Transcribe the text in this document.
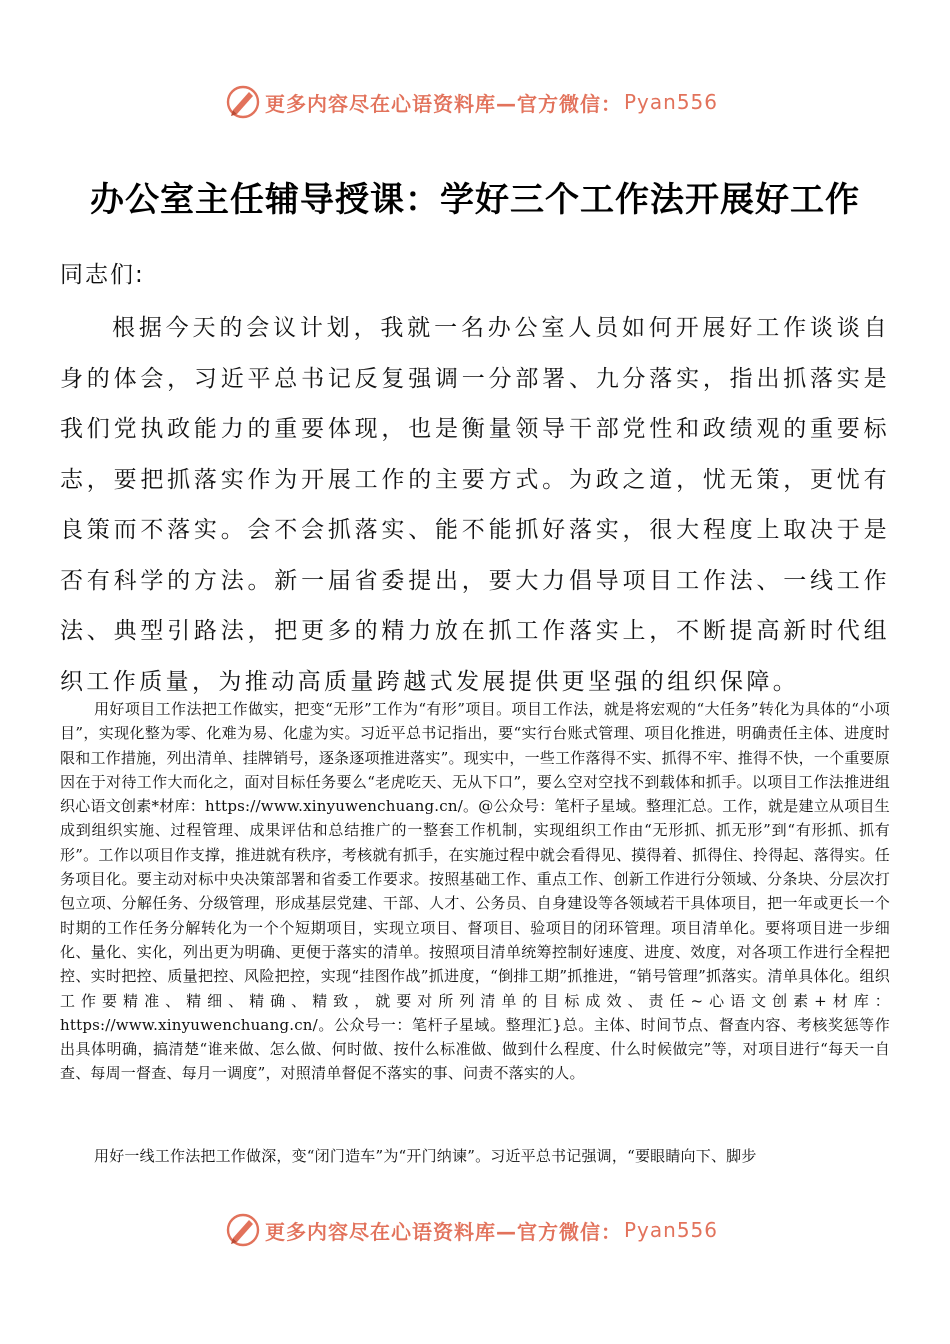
更多内容尽在心语资料库—官方微信： Pyan556
办公室主任辅导授课：学好三个工作法开展好工作
同志们:

根据今天的会议计划，我就一名办公室人员如何开展好工作谈谈自身的体会，习近平总书记反复强调一分部署、九分落实，指出抓落实是我们党执政能力的重要体现，也是衡量领导干部党性和政绩观的重要标志，要把抓落实作为开展工作的主要方式。为政之道，忧无策，更忧有良策而不落实。会不会抓落实、能不能抓好落实，很大程度上取决于是否有科学的方法。新一届省委提出，要大力倡导项目工作法、一线工作法、典型引路法，把更多的精力放在抓工作落实上，不断提高新时代组织工作质量，为推动高质量跨越式发展提供更坚强的组织保障。

用好项目工作法把工作做实，把变“无形”工作为“有形”项目。项目工作法，就是将宏观的“大任务”转化为具体的“小项目”，实现化整为零、化难为易、化虚为实。习近平总书记指出，要“实行台账式管理、项目化推进，明确责任主体、进度时限和工作措施，列出清单、挂牌销号，逐条逐项推进落实”。现实中，一些工作落得不实、抓得不牢、推得不快，一个重要原因在于对待工作大而化之，面对目标任务要么“老虎吃天、无从下口”，要么空对空找不到载体和抓手。以项目工作法推进组织心语文创素*材库：https://www.xinyuwenchuang.cn/。@公众号：笔杆子星域。整理汇总。工作，就是建立从项目生成到组织实施、过程管理、成果评估和总结推广的一整套工作机制，实现组织工作由“无形抓、抓无形”到“有形抓、抓有形”。工作以项目作支撑，推进就有秩序，考核就有抓手，在实施过程中就会看得见、摸得着、抓得住、拎得起、落得实。任务项目化。要主动对标中央决策部署和省委工作要求。按照基础工作、重点工作、创新工作进行分领域、分条块、分层次打包立项、分解任务、分级管理，形成基层党建、干部、人才、公务员、自身建设等各领域若干具体项目，把一年或更长一个时期的工作任务分解转化为一个个短期项目，实现立项目、督项目、验项目的闭环管理。项目清单化。要将项目进一步细化、量化、实化，列出更为明确、更便于落实的清单。按照项目清单统筹控制好速度、进度、效度，对各项工作进行全程把控、实时把控、质量把控、风险把控，实现“挂图作战”抓进度，“倒排工期”抓推进，“销号管理”抓落实。清单具体化。组织工作要精准、精细、精确、精致，就要对所列清单的目标成效、责任~心语文创素+材库：https://www.xinyuwenchuang.cn/。公众号一：笔杆子星域。整理汇}总。主体、时间节点、督查内容、考核奖惩等作出具体明确，搞清楚“谁来做、怎么做、何时做、按什么标准做、做到什么程度、什么时候做完”等，对项目进行“每天一自查、每周一督查、每月一调度”，对照清单督促不落实的事、问责不落实的人。

用好一线工作法把工作做深，变“闭门造车”为“开门纳谏”。习近平总书记强调，“要眼睛向下、脚步

更多内容尽在心语资料库—官方微信： Pyan556
